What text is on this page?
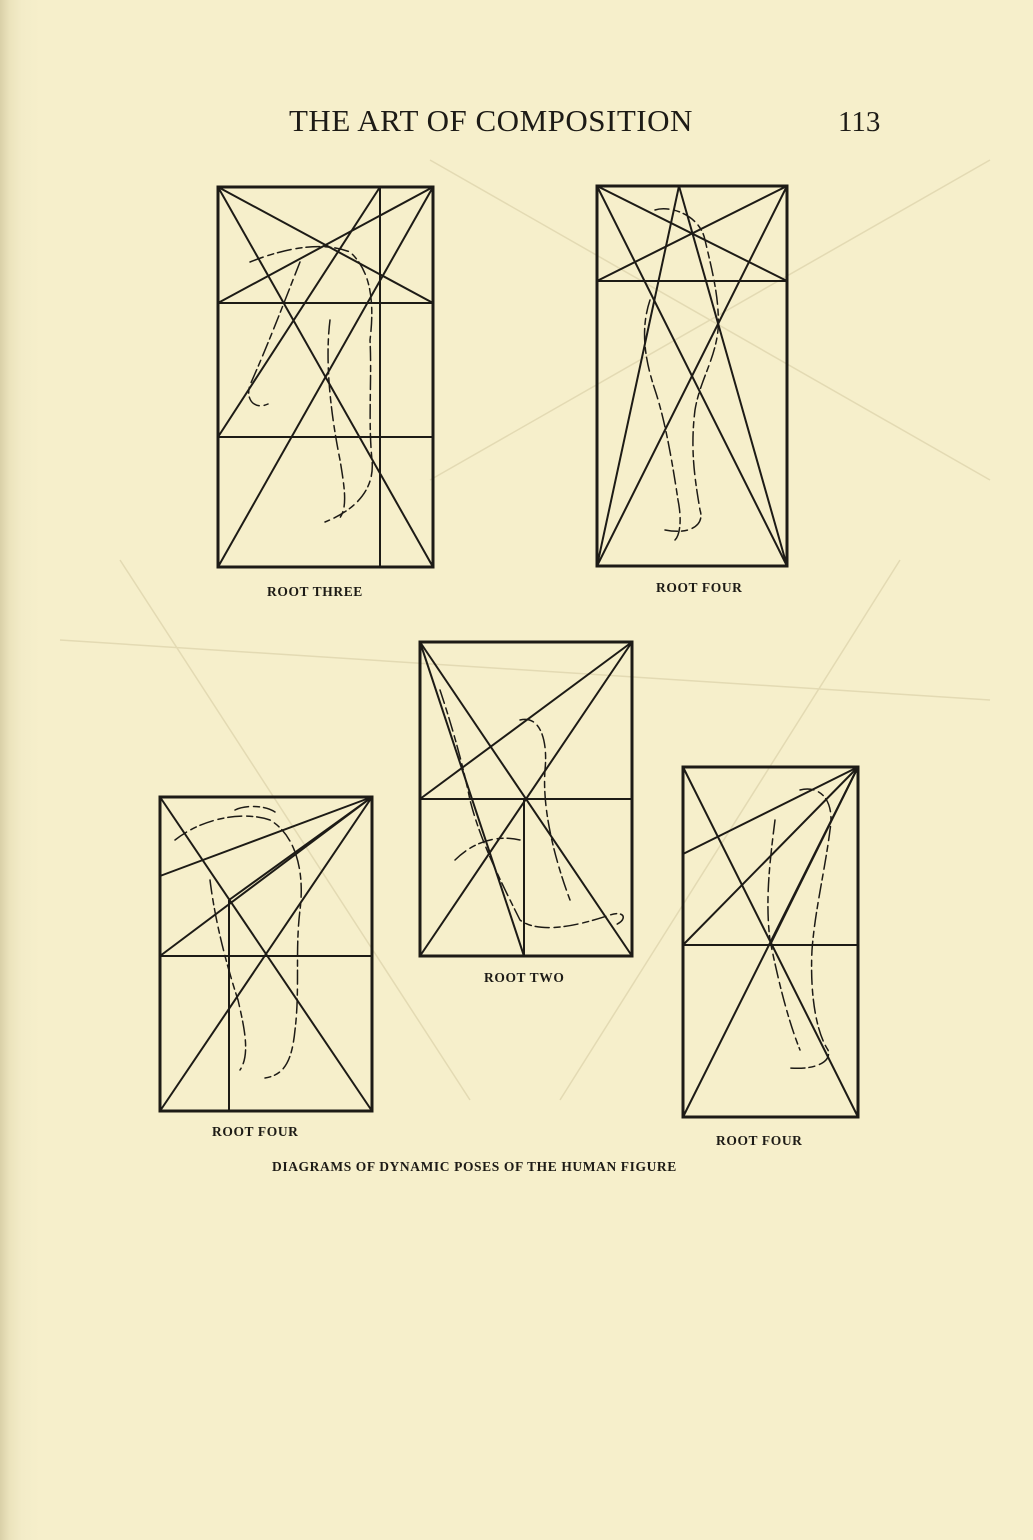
THE ART OF COMPOSITION	113
ROOT THREE	ROOT FOUR
ROOT TWO
ROOT FOUR
ROOT FOUR
DIAGRAMS OF DYNAMIC POSES OF THE HUMAN FIGURE
